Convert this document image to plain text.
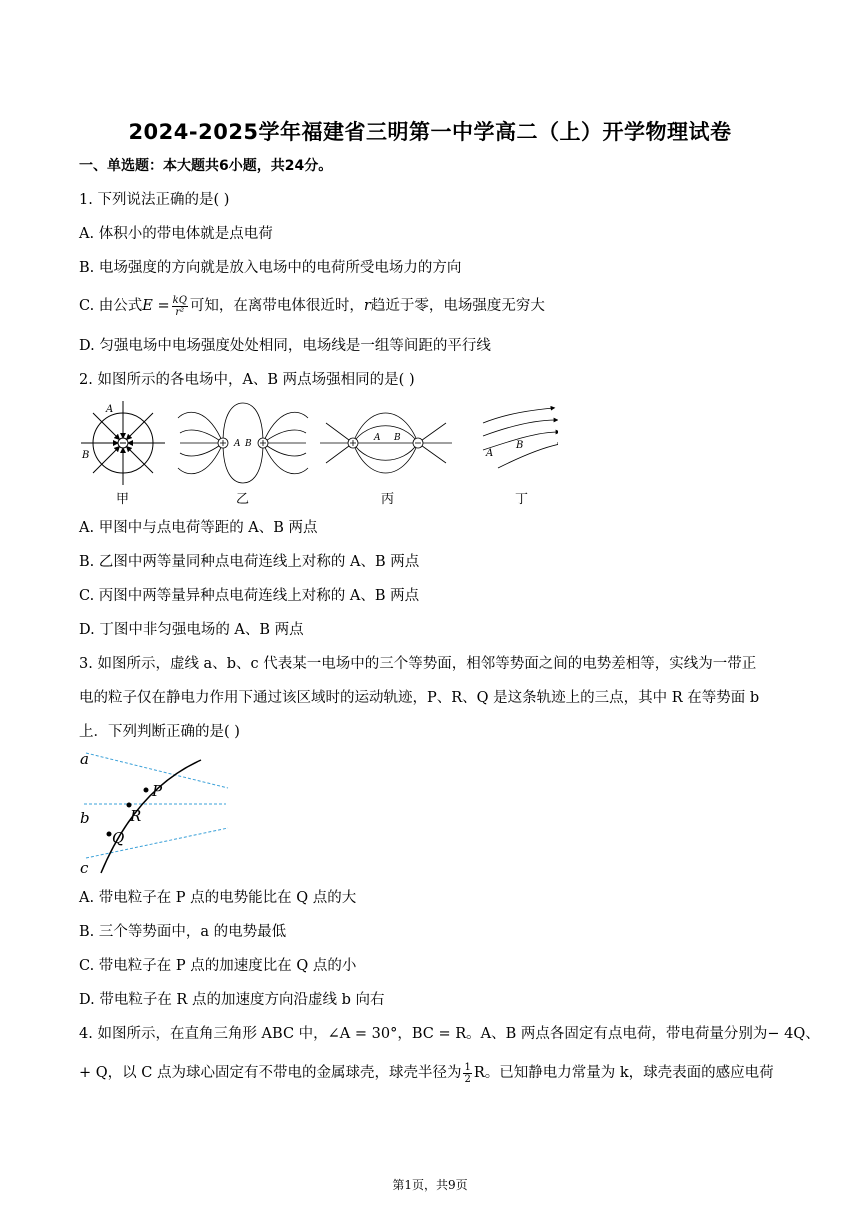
2024-2025学年福建省三明第一中学高二（上）开学物理试卷
一、单选题：本大题共6小题，共24分。
1. 下列说法正确的是( )
A. 体积小的带电体就是点电荷
B. 电场强度的方向就是放入电场中的电荷所受电场力的方向
C. 由公式$E = \frac{kQ}{\text{r²}}$ 可知，在离带电体很近时，r趋近于零，电场强度无穷大
D. 匀强电场中电场强度处处相同，电场线是一组等间距的平行线
2. 如图所示的各电场中，A、B 两点场强相同的是( )
A
B
A B
A B
A
B
甲	乙	丙	丁
A. 甲图中与点电荷等距的 A、B 两点
B. 乙图中两等量同种点电荷连线上对称的 A、B 两点
C. 丙图中两等量异种点电荷连线上对称的 A、B 两点
D. 丁图中非匀强电场的 A、B 两点
3. 如图所示，虚线 a、b、c 代表某一电场中的三个等势面，相邻等势面之间的电势差相等，实线为一带正
电的粒子仅在静电力作用下通过该区域时的运动轨迹，P、R、Q 是这条轨迹上的三点，其中 R 在等势面 b
上．下列判断正确的是( )
a
b
c
P
R
Q
A. 带电粒子在 P 点的电势能比在 Q 点的大
B. 三个等势面中，a 的电势最低
C. 带电粒子在 P 点的加速度比在 Q 点的小
D. 带电粒子在 R 点的加速度方向沿虚线 b 向右
4. 如图所示，在直角三角形 ABC 中，∠A = 30°，BC = R。A、B 两点各固定有点电荷，带电荷量分别为− 4Q、
+ Q，以 C 点为球心固定有不带电的金属球壳，球壳半径为 $\frac{1}{2}$ R。已知静电力常量为 k，球壳表面的感应电荷
第1页，共9页
